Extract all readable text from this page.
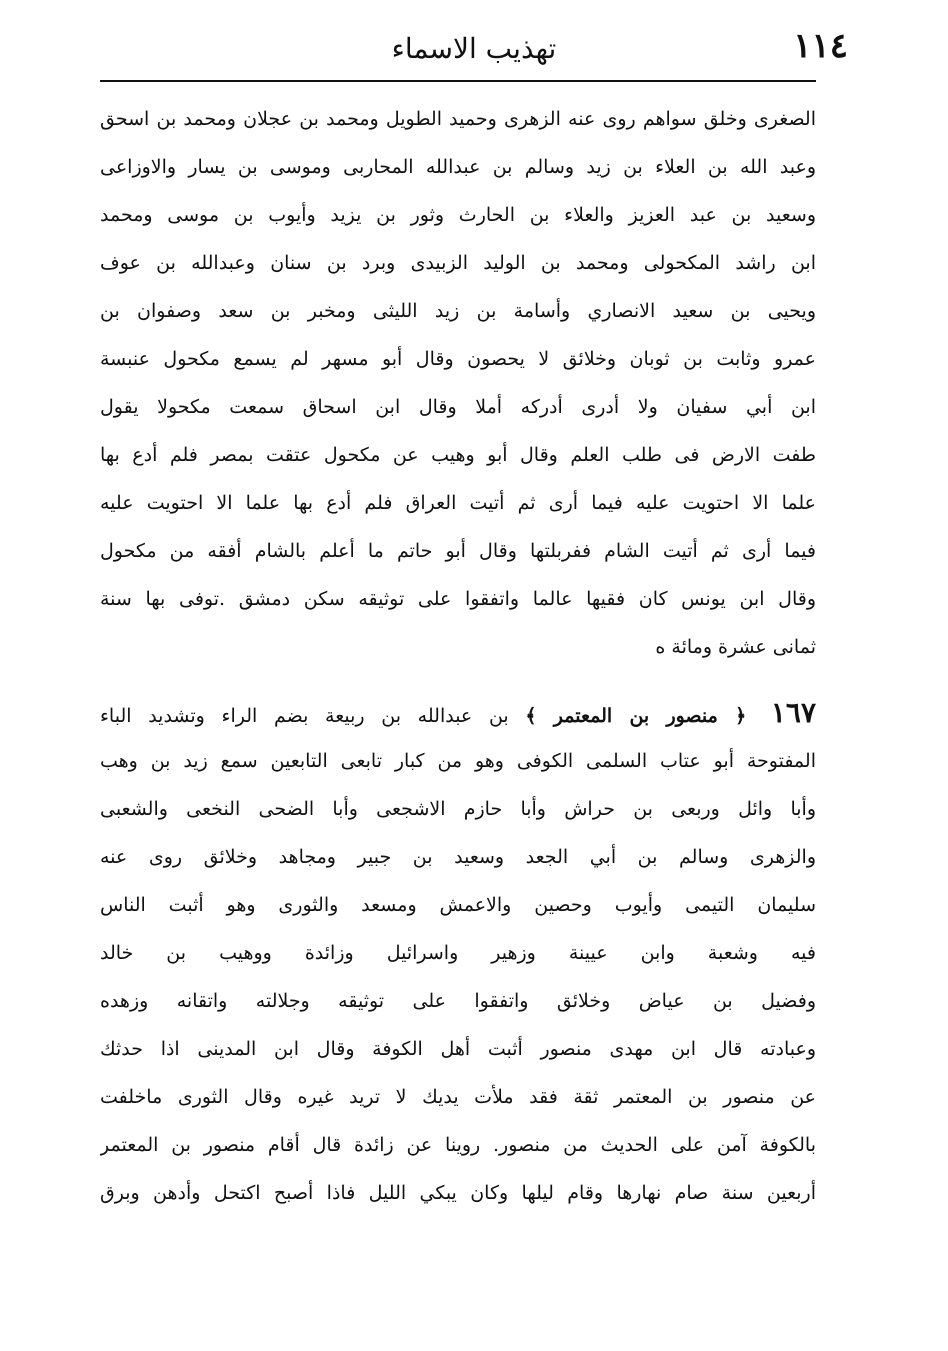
١١٤
تهذيب الاسماء
الصغرى وخلق سواهم روى عنه الزهرى وحميد الطويل ومحمد بن عجلان ومحمد بن اسحق
وعبد الله بن العلاء بن زيد وسالم بن عبدالله المحاربى وموسى بن يسار والاوزاعى
وسعيد بن عبد العزيز والعلاء بن الحارث وثور بن يزيد وأيوب بن موسى ومحمد
ابن راشد المكحولى ومحمد بن الوليد الزبيدى وبرد بن سنان وعبدالله بن عوف
ويحيى بن سعيد الانصاري وأسامة بن زيد الليثى ومخبر بن سعد وصفوان بن
عمرو وثابت بن ثوبان وخلائق لا يحصون وقال أبو مسهر لم يسمع مكحول عنبسة
ابن أبي سفيان ولا أدرى أدركه أملا وقال ابن اسحاق سمعت مكحولا يقول
طفت الارض فى طلب العلم وقال أبو وهيب عن مكحول عتقت بمصر فلم أدع بها
علما الا احتويت عليه فيما أرى ثم أتيت العراق فلم أدع بها علما الا احتويت عليه
فيما أرى ثم أتيت الشام ففربلتها وقال أبو حاتم ما أعلم بالشام أفقه من مكحول
وقال ابن يونس كان فقيها عالما واتفقوا على توثيقه سكن دمشق .توفى بها سنة
ثمانى عشرة ومائة ه
١٦٧ ﴿ منصور بن المعتمر ﴾ بن عبدالله بن ربيعة بضم الراء وتشديد الباء
المفتوحة أبو عتاب السلمى الكوفى وهو من كبار تابعى التابعين سمع زيد بن وهب
وأبا وائل وربعى بن حراش وأبا حازم الاشجعى وأبا الضحى النخعى والشعبى
والزهرى وسالم بن أبي الجعد وسعيد بن جبير ومجاهد وخلائق روى عنه
سليمان التيمى وأيوب وحصين والاعمش ومسعد والثورى وهو أثبت الناس
فيه وشعبة وابن عيينة وزهير واسرائيل وزائدة ووهيب بن خالد
وفضيل بن عياض وخلائق واتفقوا على توثيقه وجلالته واتقانه وزهده
وعبادته قال ابن مهدى منصور أثبت أهل الكوفة وقال ابن المدينى اذا حدثك
عن منصور بن المعتمر ثقة فقد ملأت يديك لا تريد غيره وقال الثورى ماخلفت
بالكوفة آمن على الحديث من منصور. روينا عن زائدة قال أقام منصور بن المعتمر
أربعين سنة صام نهارها وقام ليلها وكان يبكي الليل فاذا أصبح اكتحل وأدهن وبرق
